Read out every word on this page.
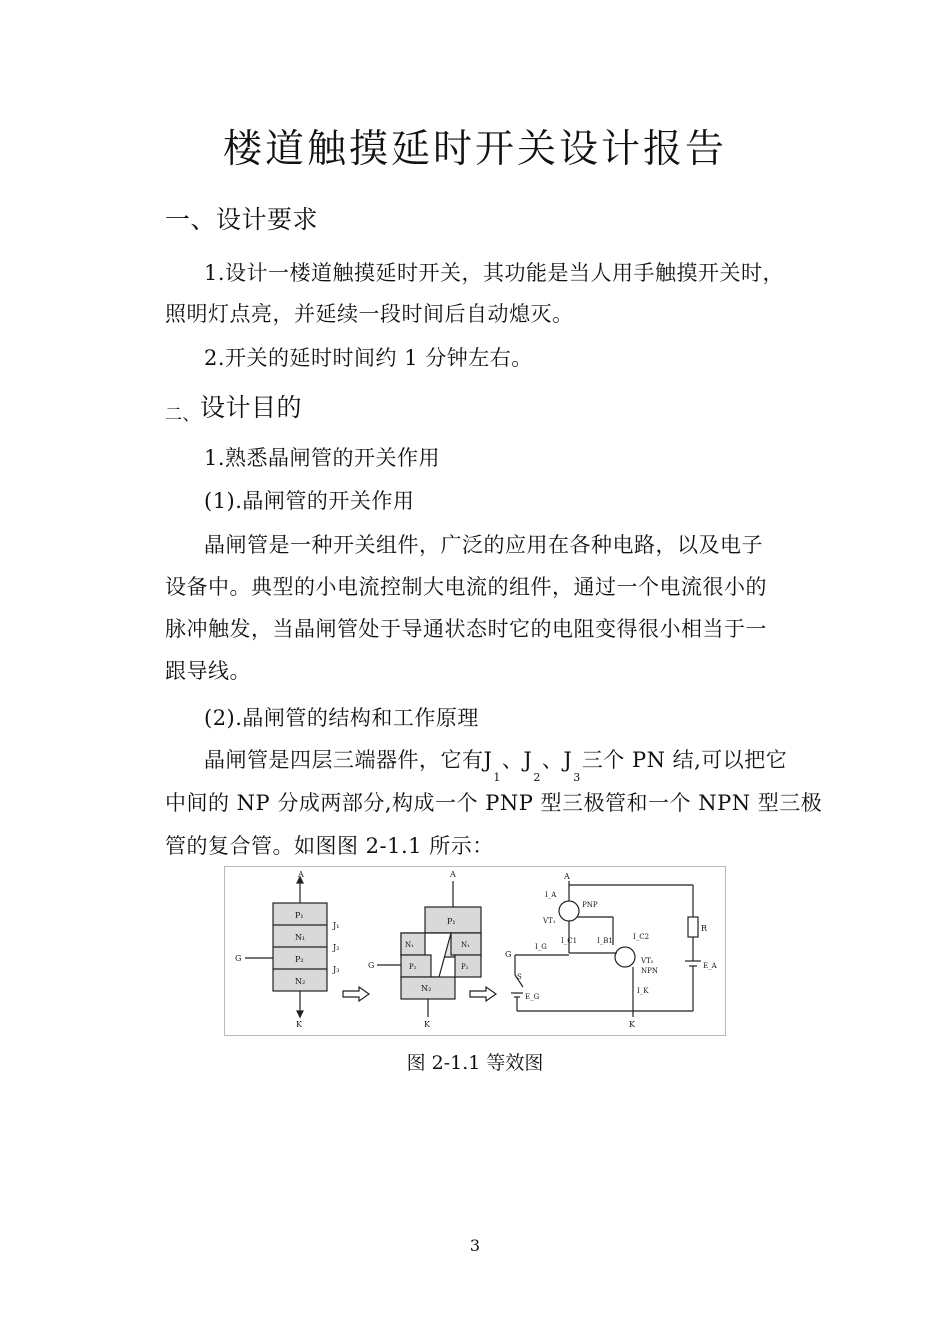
楼道触摸延时开关设计报告
一、设计要求
1.设计一楼道触摸延时开关，其功能是当人用手触摸开关时，
照明灯点亮，并延续一段时间后自动熄灭。
2.开关的延时时间约 1 分钟左右。
二、设计目的
1.熟悉晶闸管的开关作用
(1).晶闸管的开关作用
晶闸管是一种开关组件，广泛的应用在各种电路，以及电子
设备中。典型的小电流控制大电流的组件，通过一个电流很小的
脉冲触发，当晶闸管处于导通状态时它的电阻变得很小相当于一
跟导线。
(2).晶闸管的结构和工作原理
晶闸管是四层三端器件，它有$J_1$、$J_2$、$J_3$三个 PN 结,可以把它
中间的 NP 分成两部分,构成一个 PNP 型三极管和一个 NPN 型三极
管的复合管。如图图 2-1.1 所示：
A
P₁
N₁
P₂
N₂
J₁
J₂
J₃
G
K
A
P₁
N₁
N₁
P₂	P₂
N₂
G
K
A
R
E_A
PNP
VT₁
I_C1	I_B1	I_C2
VT₂
NPN
I_K
K
G
I_G
I_A
S
E_G
图 2-1.1 等效图
3
